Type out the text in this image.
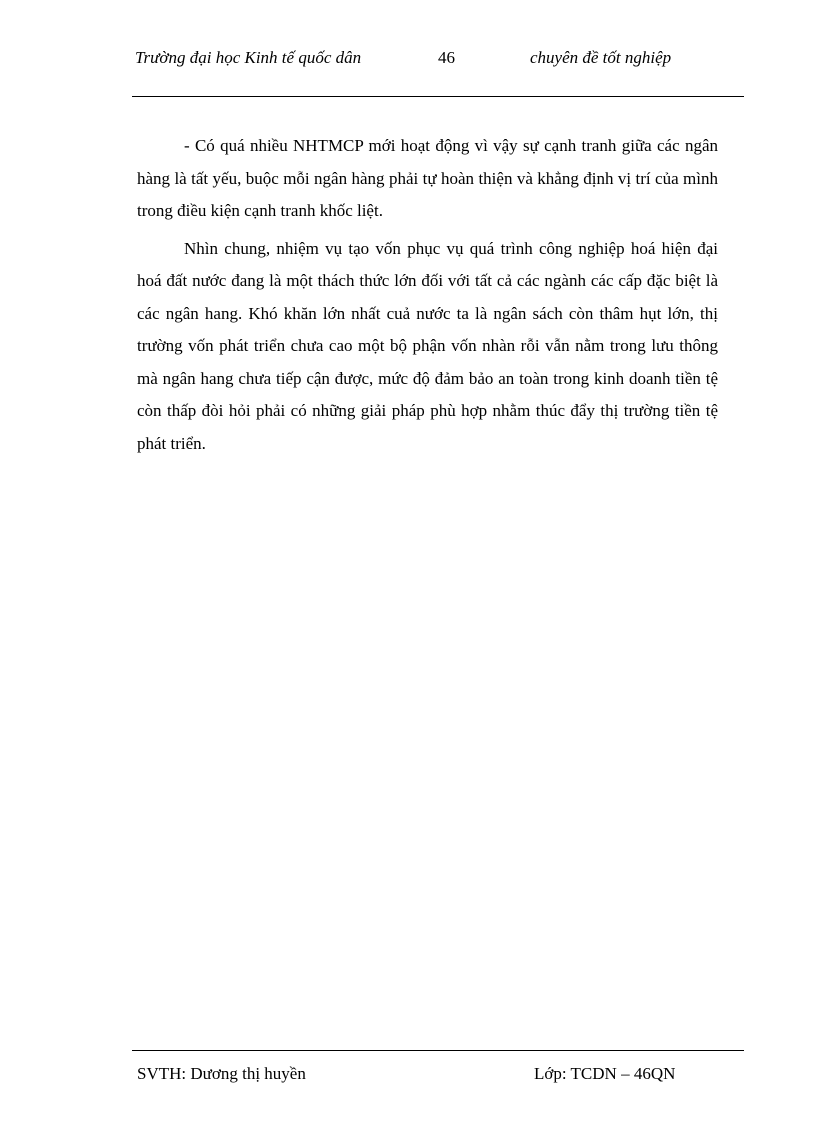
Trường đại học Kinh tế quốc dân	46	chuyên đề tốt nghiệp

- Có quá nhiều NHTMCP mới hoạt động vì vậy sự cạnh tranh giữa các ngân hàng là tất yếu, buộc mỗi ngân hàng phải tự hoàn thiện và khẳng định vị trí của mình trong điều kiện cạnh tranh khốc liệt.

Nhìn chung, nhiệm vụ tạo vốn phục vụ quá trình công nghiệp hoá hiện đại hoá đất nước đang là một thách thức lớn đối với tất cả các ngành các cấp đặc biệt là các ngân hang. Khó khăn lớn nhất cuả nước ta là ngân sách còn thâm hụt lớn, thị trường vốn phát triển chưa cao một bộ phận vốn nhàn rỗi vẫn nằm trong lưu thông mà ngân hang chưa tiếp cận được, mức độ đảm bảo an toàn trong kinh doanh tiền tệ còn thấp đòi hỏi phải có những giải pháp phù hợp nhằm thúc đẩy thị trường tiền tệ phát triển.

SVTH: Dương thị huyền	Lớp: TCDN – 46QN
